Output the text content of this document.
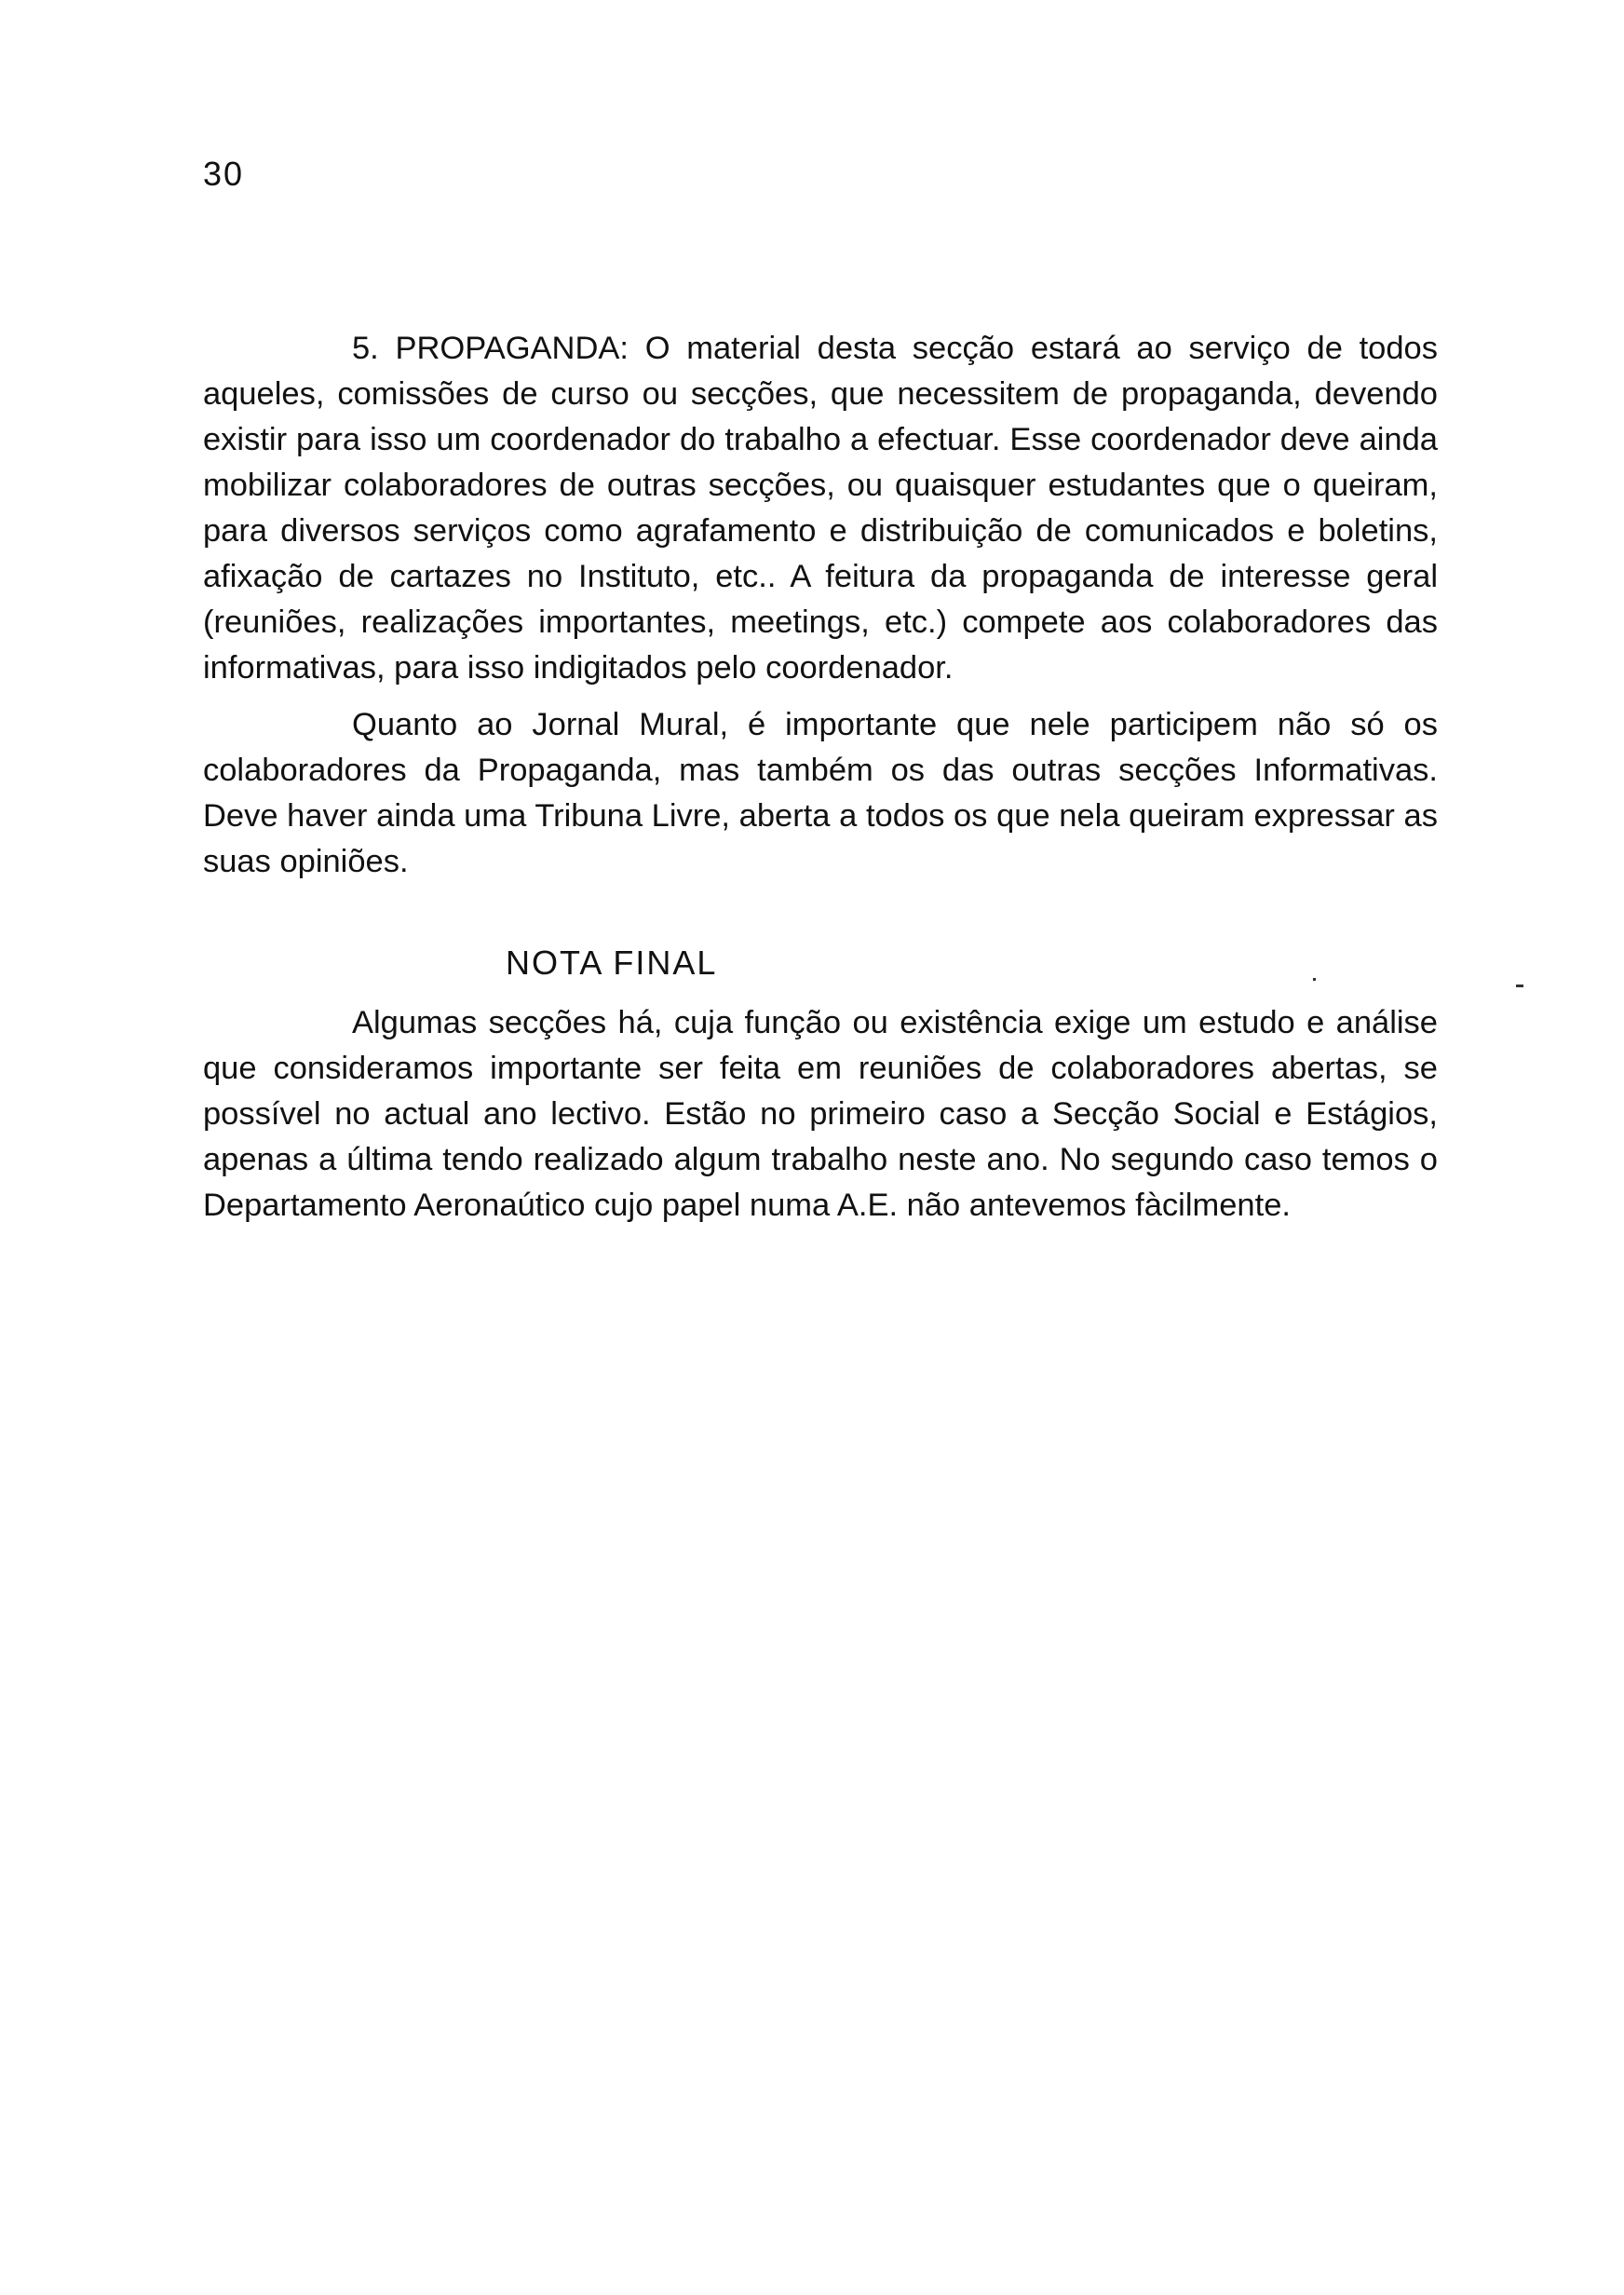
30

5. PROPAGANDA: O material desta secção estará ao serviço de todos aqueles, comissões de curso ou secções, que necessitem de propaganda, devendo existir para isso um coordenador do trabalho a efectuar. Esse coordenador deve ainda mobilizar colaboradores de outras secções, ou quaisquer estudantes que o queiram, para diversos serviços como agrafamento e distribuição de comunicados e boletins, afixação de cartazes no Instituto, etc.. A feitura da propaganda de interesse geral (reuniões, realizações importantes, meetings, etc.) compete aos colaboradores das informativas, para isso indigitados pelo coordenador.

Quanto ao Jornal Mural, é importante que nele participem não só os colaboradores da Propaganda, mas também os das outras secções Informativas. Deve haver ainda uma Tribuna Livre, aberta a todos os que nela queiram expressar as suas opiniões.

NOTA FINAL

Algumas secções há, cuja função ou existência exige um estudo e análise que consideramos importante ser feita em reuniões de colaboradores abertas, se possível no actual ano lectivo. Estão no primeiro caso a Secção Social e Estágios, apenas a última tendo realizado algum trabalho neste ano. No segundo caso temos o Departamento Aeronaútico cujo papel numa A.E. não antevemos fàcilmente.
